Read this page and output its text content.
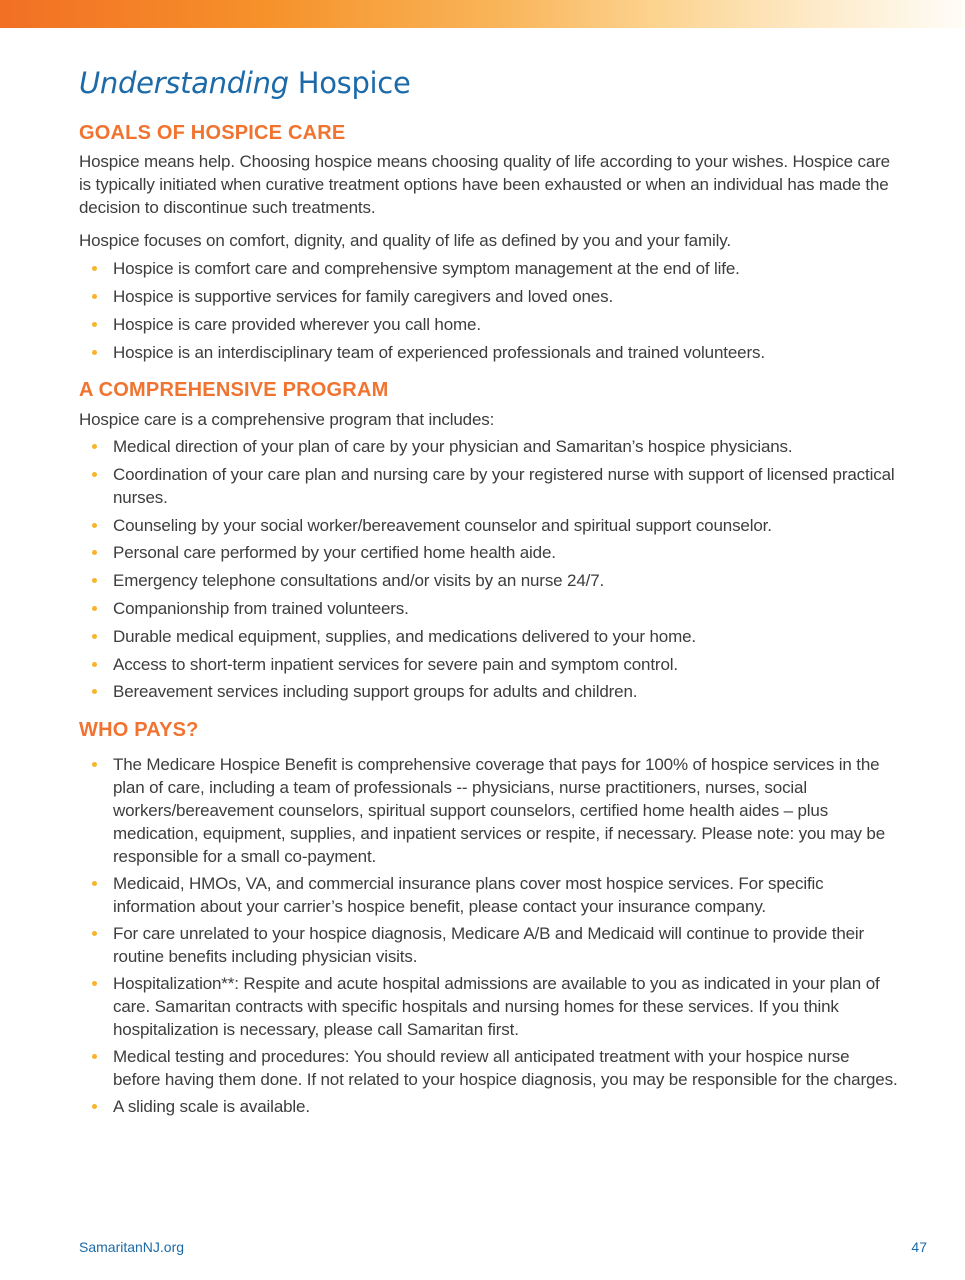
Understanding Hospice
GOALS OF HOSPICE CARE

Hospice means help. Choosing hospice means choosing quality of life according to your wishes. Hospice care is typically initiated when curative treatment options have been exhausted or when an individual has made the decision to discontinue such treatments.

Hospice focuses on comfort, dignity, and quality of life as defined by you and your family.

Hospice is comfort care and comprehensive symptom management at the end of life.
Hospice is supportive services for family caregivers and loved ones.
Hospice is care provided wherever you call home.
Hospice is an interdisciplinary team of experienced professionals and trained volunteers.
A COMPREHENSIVE PROGRAM

Hospice care is a comprehensive program that includes:

Medical direction of your plan of care by your physician and Samaritan’s hospice physicians.
Coordination of your care plan and nursing care by your registered nurse with support of licensed practical nurses.
Counseling by your social worker/bereavement counselor and spiritual support counselor.
Personal care performed by your certified home health aide.
Emergency telephone consultations and/or visits by an nurse 24/7.
Companionship from trained volunteers.
Durable medical equipment, supplies, and medications delivered to your home.
Access to short-term inpatient services for severe pain and symptom control.
Bereavement services including support groups for adults and children.
WHO PAYS?
The Medicare Hospice Benefit is comprehensive coverage that pays for 100% of hospice services in the plan of care, including a team of professionals -- physicians, nurse practitioners, nurses, social workers/bereavement counselors, spiritual support counselors, certified home health aides – plus medication, equipment, supplies, and inpatient services or respite, if necessary. Please note: you may be responsible for a small co-payment.
Medicaid, HMOs, VA, and commercial insurance plans cover most hospice services. For specific information about your carrier’s hospice benefit, please contact your insurance company.
For care unrelated to your hospice diagnosis, Medicare A/B and Medicaid will continue to provide their routine benefits including physician visits.
Hospitalization**: Respite and acute hospital admissions are available to you as indicated in your plan of care. Samaritan contracts with specific hospitals and nursing homes for these services. If you think hospitalization is necessary, please call Samaritan first.
Medical testing and procedures: You should review all anticipated treatment with your hospice nurse before having them done. If not related to your hospice diagnosis, you may be responsible for the charges.
A sliding scale is available.
SamaritanNJ.org	47
